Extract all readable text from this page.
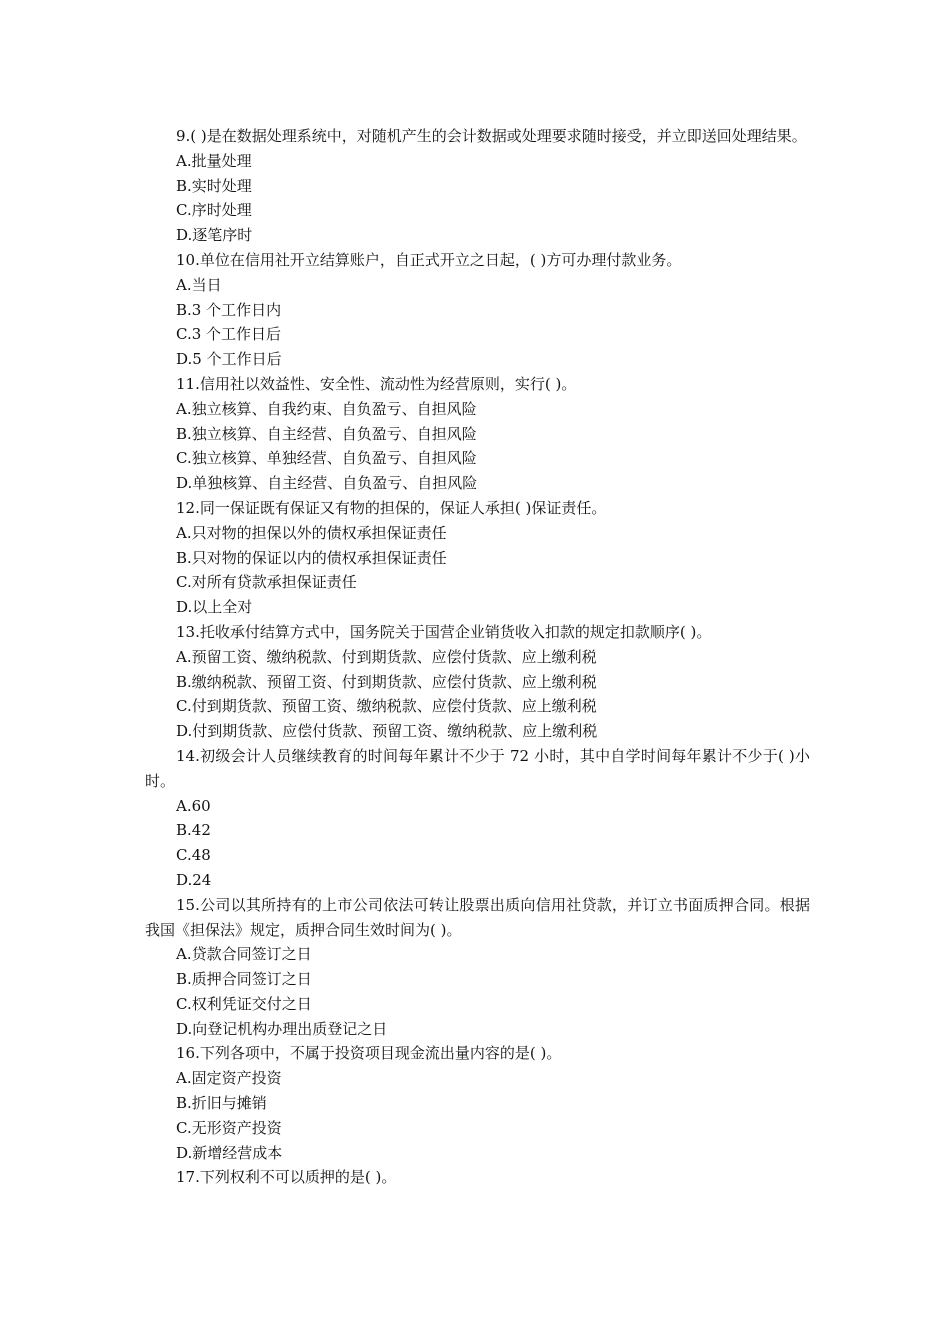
9.( )是在数据处理系统中，对随机产生的会计数据或处理要求随时接受，并立即送回处理结果。
A.批量处理
B.实时处理
C.序时处理
D.逐笔序时
10.单位在信用社开立结算账户，自正式开立之日起，( )方可办理付款业务。
A.当日
B.3 个工作日内
C.3 个工作日后
D.5 个工作日后
11.信用社以效益性、安全性、流动性为经营原则，实行( )。
A.独立核算、自我约束、自负盈亏、自担风险
B.独立核算、自主经营、自负盈亏、自担风险
C.独立核算、单独经营、自负盈亏、自担风险
D.单独核算、自主经营、自负盈亏、自担风险
12.同一保证既有保证又有物的担保的，保证人承担( )保证责任。
A.只对物的担保以外的债权承担保证责任
B.只对物的保证以内的债权承担保证责任
C.对所有贷款承担保证责任
D.以上全对
13.托收承付结算方式中，国务院关于国营企业销货收入扣款的规定扣款顺序( )。
A.预留工资、缴纳税款、付到期货款、应偿付货款、应上缴利税
B.缴纳税款、预留工资、付到期货款、应偿付货款、应上缴利税
C.付到期货款、预留工资、缴纳税款、应偿付货款、应上缴利税
D.付到期货款、应偿付货款、预留工资、缴纳税款、应上缴利税
14.初级会计人员继续教育的时间每年累计不少于 72 小时，其中自学时间每年累计不少于( )小时。
A.60
B.42
C.48
D.24
15.公司以其所持有的上市公司依法可转让股票出质向信用社贷款，并订立书面质押合同。根据我国《担保法》规定，质押合同生效时间为( )。
A.贷款合同签订之日
B.质押合同签订之日
C.权利凭证交付之日
D.向登记机构办理出质登记之日
16.下列各项中，不属于投资项目现金流出量内容的是( )。
A.固定资产投资
B.折旧与摊销
C.无形资产投资
D.新增经营成本
17.下列权利不可以质押的是( )。
